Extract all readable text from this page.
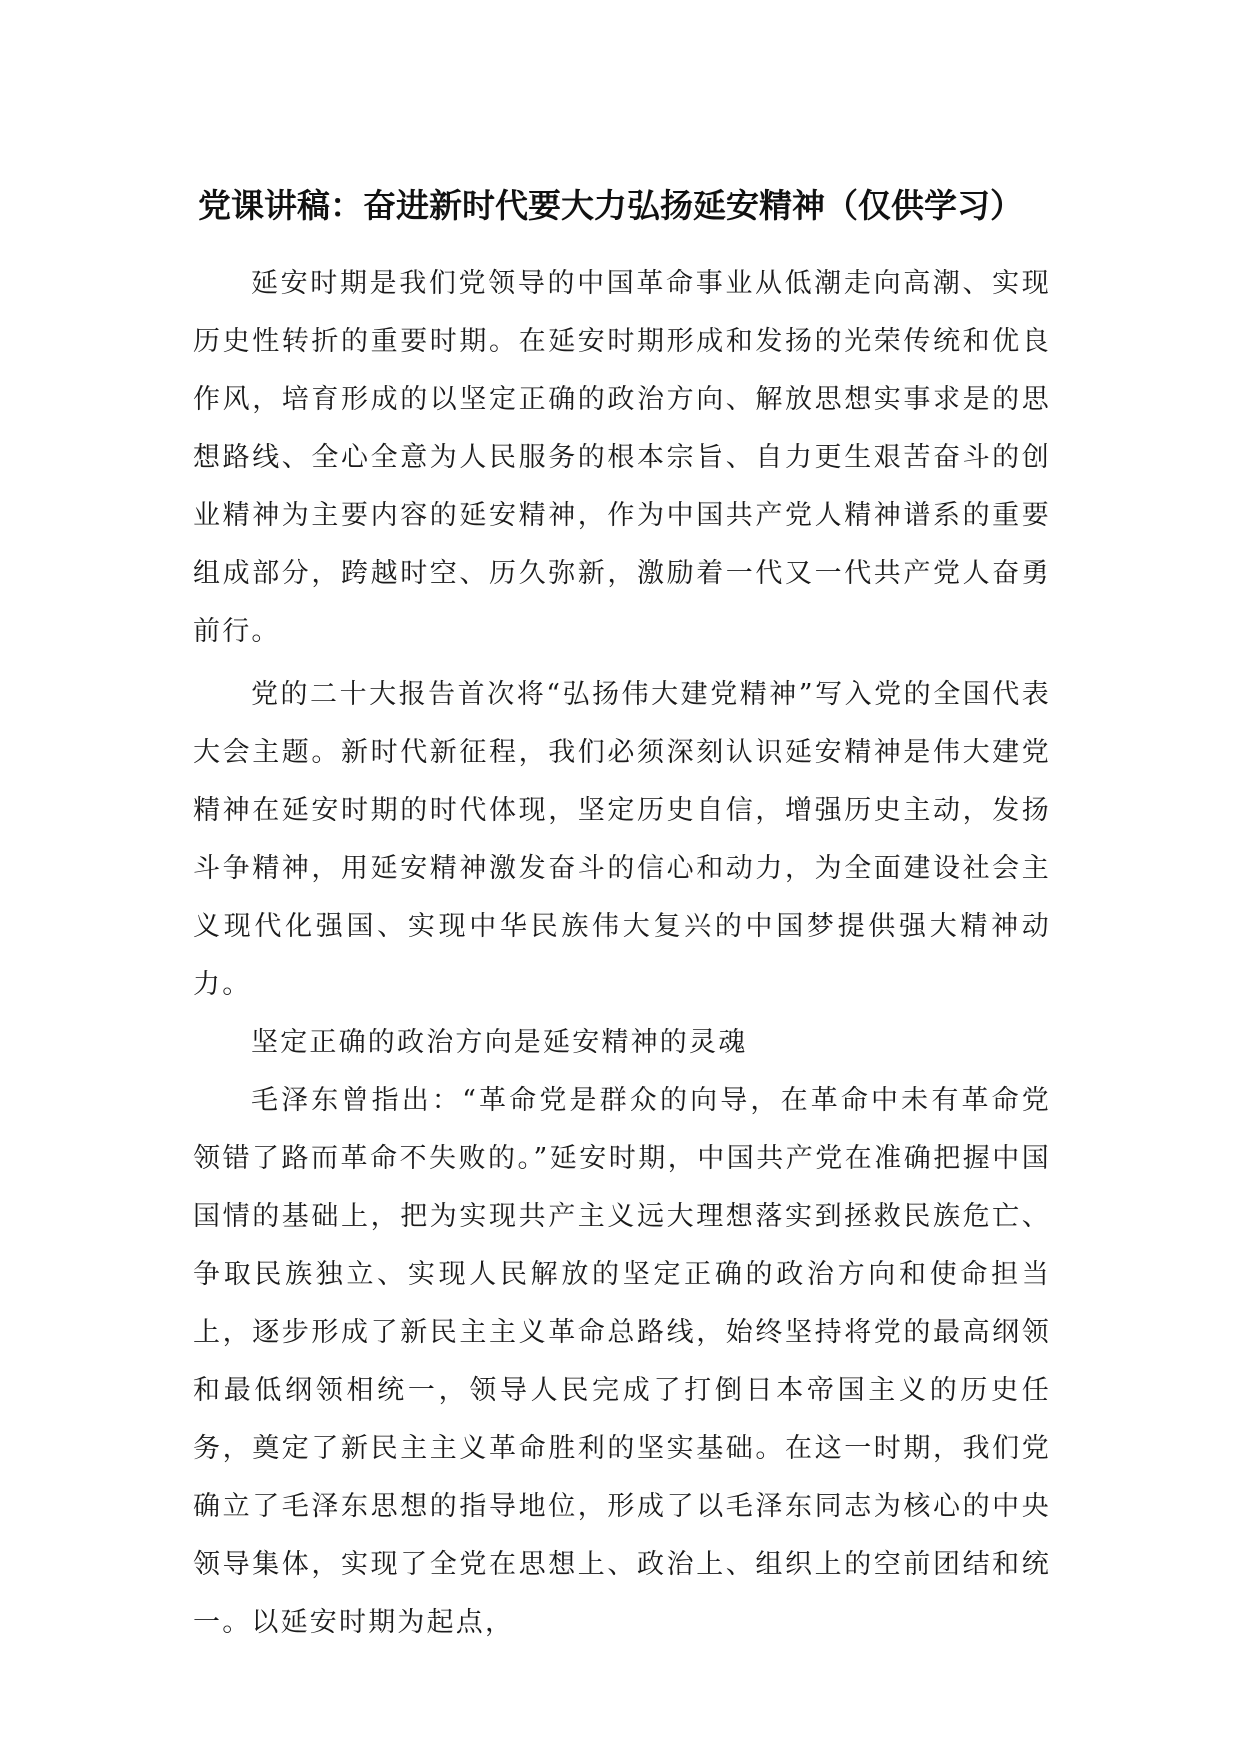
党课讲稿：奋进新时代要大力弘扬延安精神（仅供学习）

延安时期是我们党领导的中国革命事业从低潮走向高潮、实现历史性转折的重要时期。在延安时期形成和发扬的光荣传统和优良作风，培育形成的以坚定正确的政治方向、解放思想实事求是的思想路线、全心全意为人民服务的根本宗旨、自力更生艰苦奋斗的创业精神为主要内容的延安精神，作为中国共产党人精神谱系的重要组成部分，跨越时空、历久弥新，激励着一代又一代共产党人奋勇前行。

党的二十大报告首次将“弘扬伟大建党精神”写入党的全国代表大会主题。新时代新征程，我们必须深刻认识延安精神是伟大建党精神在延安时期的时代体现，坚定历史自信，增强历史主动，发扬斗争精神，用延安精神激发奋斗的信心和动力，为全面建设社会主义现代化强国、实现中华民族伟大复兴的中国梦提供强大精神动力。

坚定正确的政治方向是延安精神的灵魂

毛泽东曾指出：“革命党是群众的向导，在革命中未有革命党领错了路而革命不失败的。”延安时期，中国共产党在准确把握中国国情的基础上，把为实现共产主义远大理想落实到拯救民族危亡、争取民族独立、实现人民解放的坚定正确的政治方向和使命担当上，逐步形成了新民主主义革命总路线，始终坚持将党的最高纲领和最低纲领相统一，领导人民完成了打倒日本帝国主义的历史任务，奠定了新民主主义革命胜利的坚实基础。在这一时期，我们党确立了毛泽东思想的指导地位，形成了以毛泽东同志为核心的中央领导集体，实现了全党在思想上、政治上、组织上的空前团结和统一。以延安时期为起点，
